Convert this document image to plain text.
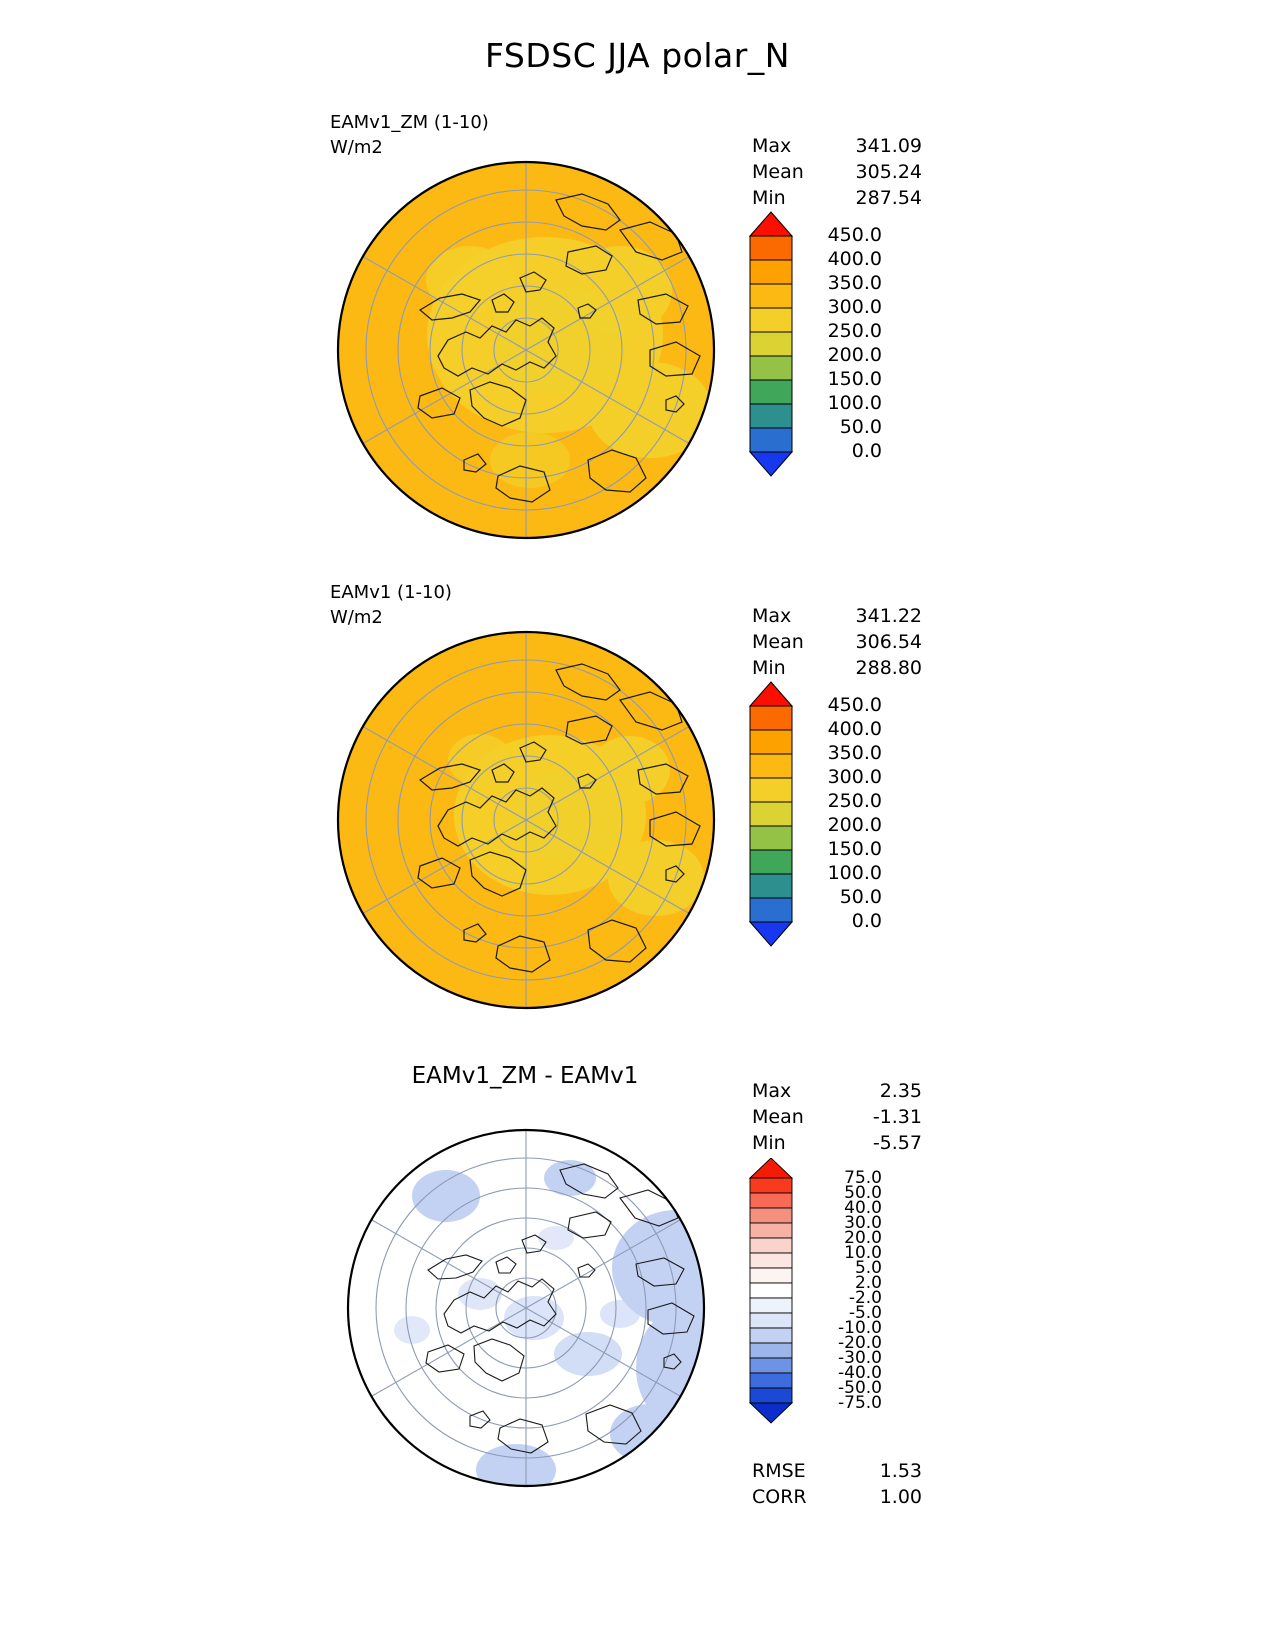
FSDSC JJA polar_N
EAMv1_ZM (1-10)
W/m2	Max	341.09
Mean	305.24
Min	287.54
450.0
400.0
350.0
300.0
250.0
200.0
150.0
100.0
50.0
0.0
EAMv1 (1-10)
W/m2	Max	341.22
Mean	306.54
Min	288.80
450.0
400.0
350.0
300.0
250.0
200.0
150.0
100.0
50.0
0.0
EAMv1_ZM - EAMv1
Max	2.35
Mean	-1.31
Min	-5.57
75.0
50.0
40.0
30.0
20.0
10.0
5.0
2.0
-2.0
-5.0
-10.0
-20.0
-30.0
-40.0
-50.0
-75.0
RMSE	1.53
CORR	1.00
